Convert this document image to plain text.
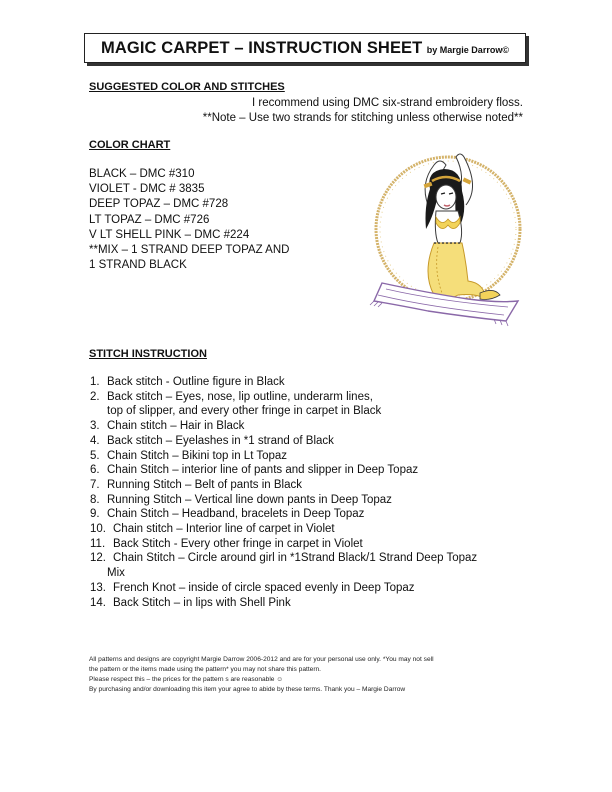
MAGIC CARPET – INSTRUCTION SHEET by Margie Darrow©
SUGGESTED COLOR AND STITCHES
I recommend using DMC six-strand embroidery floss.
**Note – Use two strands for stitching unless otherwise noted**
COLOR CHART
BLACK – DMC #310
VIOLET - DMC # 3835
DEEP TOPAZ – DMC #728
LT TOPAZ – DMC #726
V LT SHELL PINK – DMC #224
**MIX – 1 STRAND DEEP TOPAZ AND
1 STRAND BLACK
STITCH INSTRUCTION
1. Back stitch - Outline figure in Black
2. Back stitch – Eyes, nose, lip outline, underarm lines,
top of slipper, and every other fringe in carpet in Black
3. Chain stitch – Hair in Black
4. Back stitch – Eyelashes in *1 strand of Black
5. Chain Stitch – Bikini top in Lt Topaz
6. Chain Stitch – interior line of pants and slipper in Deep Topaz
7. Running Stitch – Belt of pants in Black
8. Running Stitch – Vertical line down pants in Deep Topaz
9. Chain Stitch – Headband, bracelets in Deep Topaz
10. Chain stitch – Interior line of carpet in Violet
11. Back Stitch - Every other fringe in carpet in Violet
12. Chain Stitch – Circle around girl in *1Strand Black/1 Strand Deep Topaz
Mix
13. French Knot – inside of circle spaced evenly in Deep Topaz
14. Back Stitch – in lips with Shell Pink
All patterns and designs are copyright Margie Darrow 2006-2012 and are for your personal use only. *You may not sell
the pattern or the items made using the pattern* you may not share this pattern.
Please respect this – the prices for the pattern s are reasonable ☺
By purchasing and/or downloading this item your agree to abide by these terms. Thank you – Margie Darrow
